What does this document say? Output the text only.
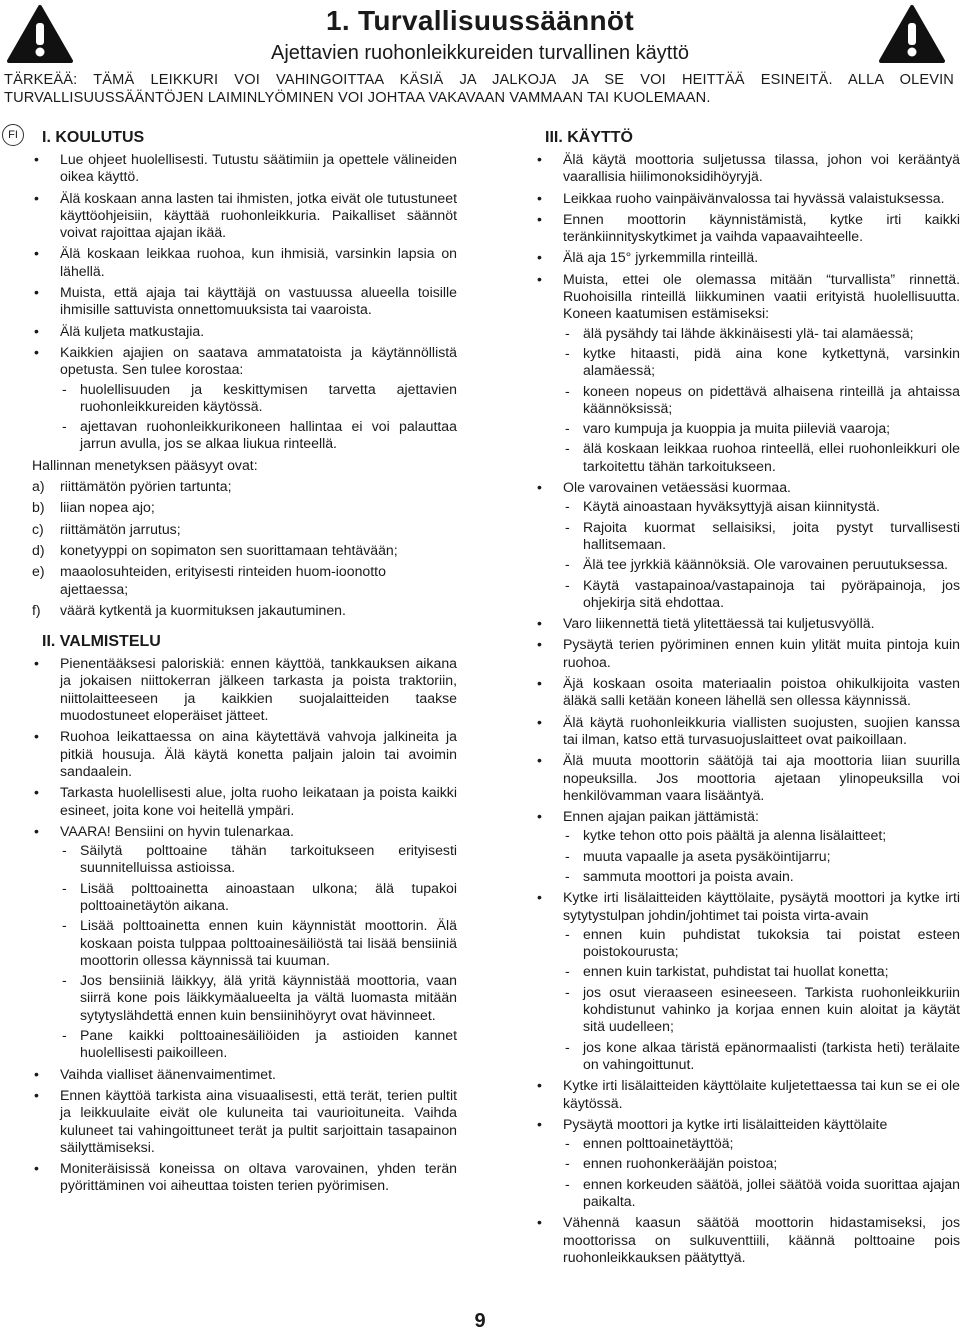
1. Turvallisuussäännöt
Ajettavien ruohonleikkureiden turvallinen käyttö
TÄRKEÄÄ: TÄMÄ LEIKKURI VOI VAHINGOITTAA KÄSIÄ JA JALKOJA JA SE VOI HEITTÄÄ ESINEITÄ. ALLA OLEVIN TURVALLISUUSSÄÄNTÖJEN LAIMINLYÖMINEN VOI JOHTAA VAKAVAAN VAMMAAN TAI KUOLEMAAN.
FI	I. KOULUTUS
• Lue ohjeet huolellisesti. Tutustu säätimiin ja opettele välineiden oikea käyttö.
• Älä koskaan anna lasten tai ihmisten, jotka eivät ole tutustuneet käyttöohjeisiin, käyttää ruohonleikkuria. Paikalliset säännöt voivat rajoittaa ajajan ikää.
• Älä koskaan leikkaa ruohoa, kun ihmisiä, varsinkin lapsia on lähellä.
• Muista, että ajaja tai käyttäjä on vastuussa alueella toisille ihmisille sattuvista onnettomuuksista tai vaaroista.
• Älä kuljeta matkustajia.
• Kaikkien ajajien on saatava ammatatoista ja käytännöllistä opetusta. Sen tulee korostaa:
- huolellisuuden ja keskittymisen tarvetta ajettavien ruohonleikkureiden käytössä.
- ajettavan ruohonleikkurikoneen hallintaa ei voi palauttaa jarrun avulla, jos se alkaa liukua rinteellä.
Hallinnan menetyksen pääsyyt ovat:
a) riittämätön pyörien tartunta;
b) liian nopea ajo;
c) riittämätön jarrutus;
d) konetyyppi on sopimaton sen suorittamaan tehtävään;
e) maaolosuhteiden, erityisesti rinteiden huom-ioonotto ajettaessa;
f) väärä kytkentä ja kuormituksen jakautuminen.
II. VALMISTELU
• Pienentääksesi paloriskiä: ennen käyttöä, tankkauksen aikana ja jokaisen niittokerran jälkeen tarkasta ja poista traktoriin, niittolaitteeseen ja kaikkien suojalaitteiden taakse muodostuneet eloperäiset jätteet.
• Ruohoa leikattaessa on aina käytettävä vahvoja jalkineita ja pitkiä housuja. Älä käytä konetta paljain jaloin tai avoimin sandaalein.
• Tarkasta huolellisesti alue, jolta ruoho leikataan ja poista kaikki esineet, joita kone voi heitellä ympäri.
• VAARA! Bensiini on hyvin tulenarkaa.
- Säilytä polttoaine tähän tarkoitukseen erityisesti suunnitelluissa astioissa.
- Lisää polttoainetta ainoastaan ulkona; älä tupakoi polttoainetäytön aikana.
- Lisää polttoainetta ennen kuin käynnistät moottorin. Älä koskaan poista tulppaa polttoainesäiliöstä tai lisää bensiiniä moottorin ollessa käynnissä tai kuuman.
- Jos bensiiniä läikkyy, älä yritä käynnistää moottoria, vaan siirrä kone pois läikkymäalueelta ja vältä luomasta mitään sytytyslähdettä ennen kuin bensiinihöyryt ovat hävinneet.
- Pane kaikki polttoainesäiliöiden ja astioiden kannet huolellisesti paikoilleen.
• Vaihda vialliset äänenvaimentimet.
• Ennen käyttöä tarkista aina visuaalisesti, että terät, terien pultit ja leikkuulaite eivät ole kuluneita tai vaurioituneita. Vaihda kuluneet tai vahingoittuneet terät ja pultit sarjoittain tasapainon säilyttämiseksi.
• Moniteräisissä koneissa on oltava varovainen, yhden terän pyörittäminen voi aiheuttaa toisten terien pyörimisen.
III. KÄYTTÖ
• Älä käytä moottoria suljetussa tilassa, johon voi kerääntyä vaarallisia hiilimonoksidihöyryjä.
• Leikkaa ruoho vainpäivänvalossa tai hyvässä valaistuksessa.
• Ennen moottorin käynnistämistä, kytke irti kaikki teränkiinnityskytkimet ja vaihda vapaavaihteelle.
• Älä aja 15° jyrkemmilla rinteillä.
• Muista, ettei ole olemassa mitään “turvallista” rinnettä. Ruohoisilla rinteillä liikkuminen vaatii erityistä huolellisuutta. Koneen kaatumisen estämiseksi:
- älä pysähdy tai lähde äkkinäisesti ylä- tai alamäessä;
- kytke hitaasti, pidä aina kone kytkettynä, varsinkin alamäessä;
- koneen nopeus on pidettävä alhaisena rinteillä ja ahtaissa käännöksissä;
- varo kumpuja ja kuoppia ja muita piileviä vaaroja;
- älä koskaan leikkaa ruohoa rinteellä, ellei ruohonleikkuri ole tarkoitettu tähän tarkoitukseen.
• Ole varovainen vetäessäsi kuormaa.
- Käytä ainoastaan hyväksyttyjä aisan kiinnitystä.
- Rajoita kuormat sellaisiksi, joita pystyt turvallisesti hallitsemaan.
- Älä tee jyrkkiä käännöksiä. Ole varovainen peruutuksessa.
- Käytä vastapainoa/vastapainoja tai pyöräpainoja, jos ohjekirja sitä ehdottaa.
• Varo liikennettä tietä ylitettäessä tai kuljetusvyöllä.
• Pysäytä terien pyöriminen ennen kuin ylität muita pintoja kuin ruohoa.
• Äjä koskaan osoita materiaalin poistoa ohikulkijoita vasten äläkä salli ketään koneen lähellä sen ollessa käynnissä.
• Älä käytä ruohonleikkuria viallisten suojusten, suojien kanssa tai ilman, katso että turvasuojuslaitteet ovat paikoillaan.
• Älä muuta moottorin säätöjä tai aja moottoria liian suurilla nopeuksilla. Jos moottoria ajetaan ylinopeuksilla voi henkilövamman vaara lisääntyä.
• Ennen ajajan paikan jättämistä:
- kytke tehon otto pois päältä ja alenna lisälaitteet;
- muuta vapaalle ja aseta pysäköintijarru;
- sammuta moottori ja poista avain.
• Kytke irti lisälaitteiden käyttölaite, pysäytä moottori ja kytke irti sytytystulpan johdin/johtimet tai poista virta-avain
- ennen kuin puhdistat tukoksia tai poistat esteen poistokourusta;
- ennen kuin tarkistat, puhdistat tai huollat konetta;
- jos osut vieraaseen esineeseen. Tarkista ruohonleikkuriin kohdistunut vahinko ja korjaa ennen kuin aloitat ja käytät sitä uudelleen;
- jos kone alkaa täristä epänormaalisti (tarkista heti) terälaite on vahingoittunut.
• Kytke irti lisälaitteiden käyttölaite kuljetettaessa tai kun se ei ole käytössä.
• Pysäytä moottori ja kytke irti lisälaitteiden käyttölaite
- ennen polttoainetäyttöä;
- ennen ruohonkerääjän poistoa;
- ennen korkeuden säätöä, jollei säätöä voida suorittaa ajajan paikalta.
• Vähennä kaasun säätöä moottorin hidastamiseksi, jos moottorissa on sulkuventtiili, käännä polttoaine pois ruohonleikkauksen päätyttyä.
9
